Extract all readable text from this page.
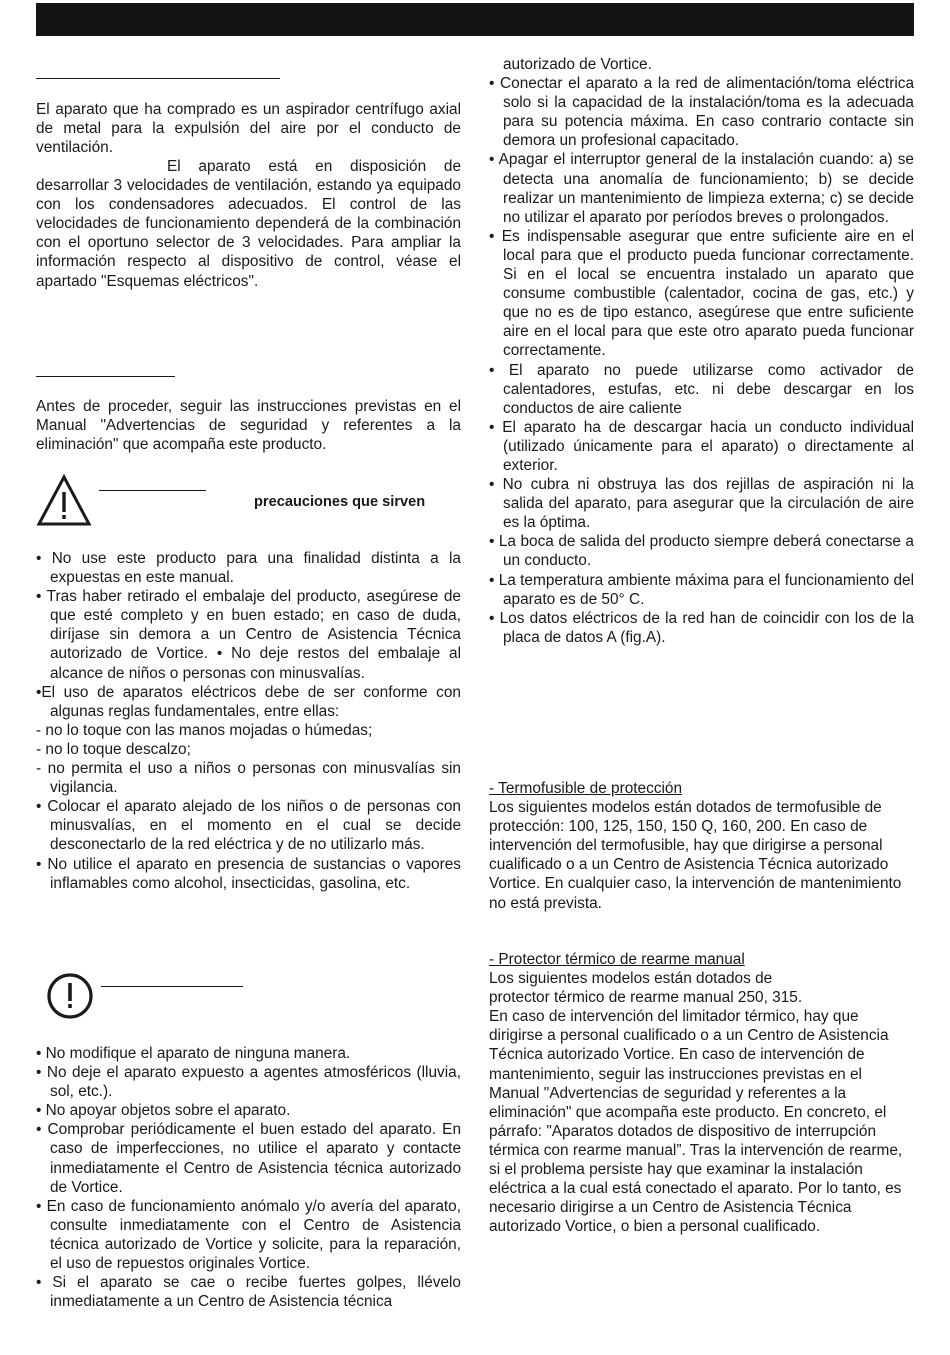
El aparato que ha comprado es un aspirador centrífugo axial de metal para la expulsión del aire por el conducto de ventilación.

El aparato está en disposición de desarrollar 3 velocidades de ventilación, estando ya equipado con los condensadores adecuados. El control de las velocidades de funcionamiento dependerá de la combinación con el oportuno selector de 3 velocidades. Para ampliar la información respecto al dispositivo de control, véase el apartado "Esquemas eléctricos".

Antes de proceder, seguir las instrucciones previstas en el Manual "Advertencias de seguridad y referentes a la eliminación" que acompaña este producto.

precauciones que sirven

• No use este producto para una finalidad distinta a la expuestas en este manual.
• Tras haber retirado el embalaje del producto, asegúrese de que esté completo y en buen estado; en caso de duda, diríjase sin demora a un Centro de Asistencia Técnica autorizado de Vortice. • No deje restos del embalaje al alcance de niños o personas con minusvalías.
•El uso de aparatos eléctricos debe de ser conforme con algunas reglas fundamentales, entre ellas:
- no lo toque con las manos mojadas o húmedas;
- no lo toque descalzo;
- no permita el uso a niños o personas con minusvalías sin vigilancia.
• Colocar el aparato alejado de los niños o de personas con minusvalías, en el momento en el cual se decide desconectarlo de la red eléctrica y de no utilizarlo más.
• No utilice el aparato en presencia de sustancias o vapores inflamables como alcohol, insecticidas, gasolina, etc.
• No modifique el aparato de ninguna manera.
• No deje el aparato expuesto a agentes atmosféricos (lluvia, sol, etc.).
• No apoyar objetos sobre el aparato.
• Comprobar periódicamente el buen estado del aparato. En caso de imperfecciones, no utilice el aparato y contacte inmediatamente el Centro de Asistencia técnica autorizado de Vortice.
• En caso de funcionamiento anómalo y/o avería del aparato, consulte inmediatamente con el Centro de Asistencia técnica autorizado de Vortice y solicite, para la reparación, el uso de repuestos originales Vortice.
• Si el aparato se cae o recibe fuertes golpes, llévelo inmediatamente a un Centro de Asistencia técnica
autorizado de Vortice.
• Conectar el aparato a la red de alimentación/toma eléctrica solo si la capacidad de la instalación/toma es la adecuada para su potencia máxima. En caso contrario contacte sin demora un profesional capacitado.
• Apagar el interruptor general de la instalación cuando: a) se detecta una anomalía de funcionamiento; b) se decide realizar un mantenimiento de limpieza externa; c) se decide no utilizar el aparato por períodos breves o prolongados.
• Es indispensable asegurar que entre suficiente aire en el local para que el producto pueda funcionar correctamente. Si en el local se encuentra instalado un aparato que consume combustible (calentador, cocina de gas, etc.) y que no es de tipo estanco, asegúrese que entre suficiente aire en el local para que este otro aparato pueda funcionar correctamente.
• El aparato no puede utilizarse como activador de calentadores, estufas, etc. ni debe descargar en los conductos de aire caliente
• El aparato ha de descargar hacia un conducto individual (utilizado únicamente para el aparato) o directamente al exterior.
• No cubra ni obstruya las dos rejillas de aspiración ni la salida del aparato, para asegurar que la circulación de aire es la óptima.
• La boca de salida del producto siempre deberá conectarse a un conducto.
• La temperatura ambiente máxima para el funcionamiento del aparato es de 50° C.
• Los datos eléctricos de la red han de coincidir con los de la placa de datos A (fig.A).

- Termofusible de protección

Los siguientes modelos están dotados de termofusible de protección: 100, 125, 150, 150 Q, 160, 200. En caso de intervención del termofusible, hay que dirigirse a personal cualificado o a un Centro de Asistencia Técnica autorizado Vortice. En cualquier caso, la intervención de mantenimiento no está prevista.

- Protector térmico de rearme manual

Los siguientes modelos están dotados de protector térmico de rearme manual 250, 315.

En caso de intervención del limitador térmico, hay que dirigirse a personal cualificado o a un Centro de Asistencia Técnica autorizado Vortice. En caso de intervención de mantenimiento, seguir las instrucciones previstas en el Manual "Advertencias de seguridad y referentes a la eliminación" que acompaña este producto. En concreto, el párrafo: "Aparatos dotados de dispositivo de interrupción térmica con rearme manual”. Tras la intervención de rearme, si el problema persiste hay que examinar la instalación eléctrica a la cual está conectado el aparato. Por lo tanto, es necesario dirigirse a un Centro de Asistencia Técnica autorizado Vortice, o bien a personal cualificado.
